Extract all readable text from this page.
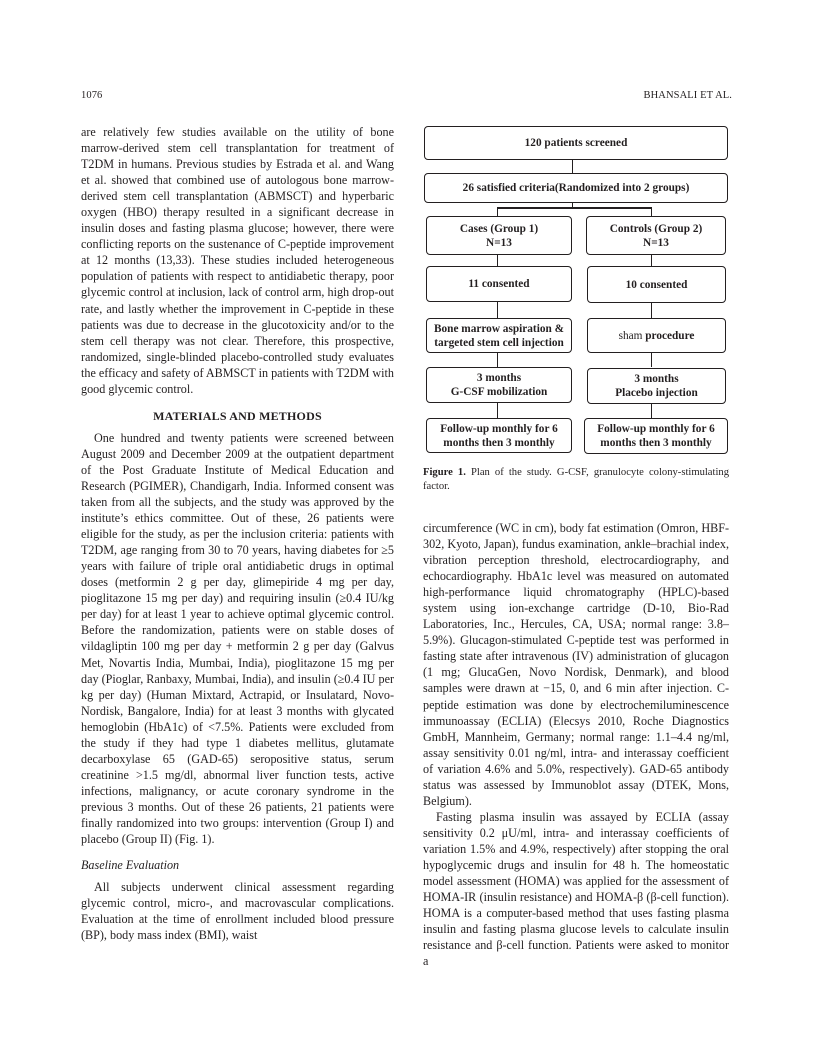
1076	BHANSALI ET AL.

are relatively few studies available on the utility of bone marrow-derived stem cell transplantation for treatment of T2DM in humans. Previous studies by Estrada et al. and Wang et al. showed that combined use of autologous bone marrow-derived stem cell transplantation (ABMSCT) and hyperbaric oxygen (HBO) therapy resulted in a significant decrease in insulin doses and fasting plasma glucose; however, there were conflicting reports on the sustenance of C-peptide improvement at 12 months (13,33). These studies included heterogeneous population of patients with respect to antidiabetic therapy, poor glycemic control at inclusion, lack of control arm, high drop-out rate, and lastly whether the improvement in C-peptide in these patients was due to decrease in the glucotoxicity and/or to the stem cell therapy was not clear. Therefore, this prospective, randomized, single-blinded placebo-controlled study evaluates the efficacy and safety of ABMSCT in patients with T2DM with good glycemic control.

MATERIALS AND METHODS

One hundred and twenty patients were screened between August 2009 and December 2009 at the outpatient department of the Post Graduate Institute of Medical Education and Research (PGIMER), Chandigarh, India. Informed consent was taken from all the subjects, and the study was approved by the institute’s ethics committee. Out of these, 26 patients were eligible for the study, as per the inclusion criteria: patients with T2DM, age ranging from 30 to 70 years, having diabetes for ≥5 years with failure of triple oral antidiabetic drugs in optimal doses (metformin 2 g per day, glimepiride 4 mg per day, pioglitazone 15 mg per day) and requiring insulin (≥0.4 IU/kg per day) for at least 1 year to achieve optimal glycemic control. Before the randomization, patients were on stable doses of vildagliptin 100 mg per day + metformin 2 g per day (Galvus Met, Novartis India, Mumbai, India), pioglitazone 15 mg per day (Pioglar, Ranbaxy, Mumbai, India), and insulin (≥0.4 IU per kg per day) (Human Mixtard, Actrapid, or Insulatard, Novo-Nordisk, Bangalore, India) for at least 3 months with glycated hemoglobin (HbA1c) of <7.5%. Patients were excluded from the study if they had type 1 diabetes mellitus, glutamate decarboxylase 65 (GAD-65) seropositive status, serum creatinine >1.5 mg/dl, abnormal liver function tests, active infections, malignancy, or acute coronary syndrome in the previous 3 months. Out of these 26 patients, 21 patients were finally randomized into two groups: intervention (Group I) and placebo (Group II) (Fig. 1).

Baseline Evaluation

All subjects underwent clinical assessment regarding glycemic control, micro-, and macrovascular complications. Evaluation at the time of enrollment included blood pressure (BP), body mass index (BMI), waist

120 patients screened
26 satisfied criteria(Randomized into 2 groups)
Cases (Group 1)
N=13
Controls (Group 2)
N=13
11 consented	10 consented
Bone marrow aspiration & targeted stem cell injection
sham
procedure
3 months
G-CSF mobilization
3 months
Placebo injection
Follow-up monthly for 6 months then 3 monthly
Follow-up monthly for 6 months then 3 monthly
Figure 1. Plan of the study. G-CSF, granulocyte colony-stimulating factor.

circumference (WC in cm), body fat estimation (Omron, HBF-302, Kyoto, Japan), fundus examination, ankle–brachial index, vibration perception threshold, electrocardiography, and echocardiography. HbA1c level was measured on automated high-performance liquid chromatography (HPLC)-based system using ion-exchange cartridge (D-10, Bio-Rad Laboratories, Inc., Hercules, CA, USA; normal range: 3.8–5.9%). Glucagon-stimulated C-peptide test was performed in fasting state after intravenous (IV) administration of glucagon (1 mg; GlucaGen, Novo Nordisk, Denmark), and blood samples were drawn at −15, 0, and 6 min after injection. C-peptide estimation was done by electrochemiluminescence immunoassay (ECLIA) (Elecsys 2010, Roche Diagnostics GmbH, Mannheim, Germany; normal range: 1.1–4.4 ng/ml, assay sensitivity 0.01 ng/ml, intra- and interassay coefficient of variation 4.6% and 5.0%, respectively). GAD-65 antibody status was assessed by Immunoblot assay (DTEK, Mons, Belgium).

Fasting plasma insulin was assayed by ECLIA (assay sensitivity 0.2 μU/ml, intra- and interassay coefficients of variation 1.5% and 4.9%, respectively) after stopping the oral hypoglycemic drugs and insulin for 48 h. The homeostatic model assessment (HOMA) was applied for the assessment of HOMA-IR (insulin resistance) and HOMA-β (β-cell function). HOMA is a computer-based method that uses fasting plasma insulin and fasting plasma glucose levels to calculate insulin resistance and β-cell function. Patients were asked to monitor a
